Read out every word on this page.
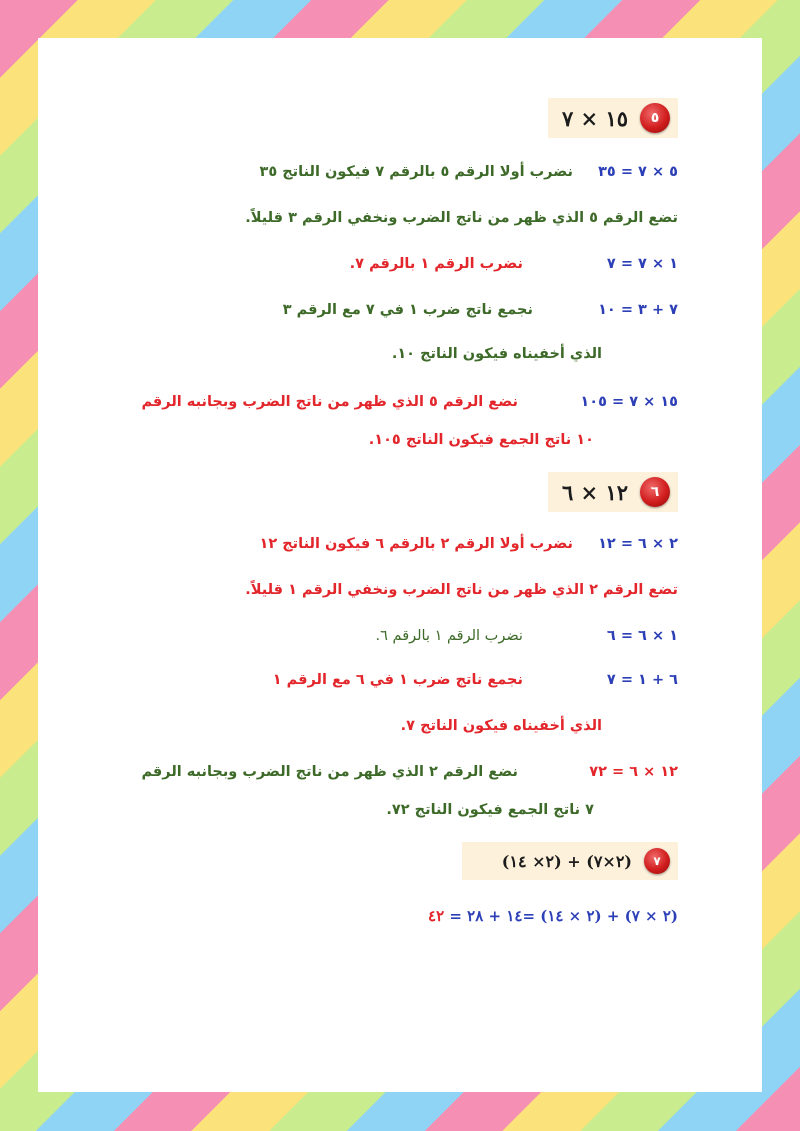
٥
١٥ × ٧
٥ × ٧ = ٣٥ نضرب أولا الرقم ٥ بالرقم ٧ فيكون الناتج ٣٥
تضع الرقم ٥ الذي ظهر من ناتج الضرب ونخفي الرقم ٣ قليلاً.
١ × ٧ = ٧ نضرب الرقم ١ بالرقم ٧.
٧ + ٣ = ١٠ نجمع ناتج ضرب ١ في ٧ مع الرقم ٣
الذي أخفيناه فيكون الناتج ١٠.
١٥ × ٧ = ١٠٥ نضع الرقم ٥ الذي ظهر من ناتج الضرب وبجانبه الرقم
١٠ ناتج الجمع فيكون الناتج ١٠٥.
٦
١٢ × ٦
٢ × ٦ = ١٢ نضرب أولا الرقم ٢ بالرقم ٦ فيكون الناتج ١٢
تضع الرقم ٢ الذي ظهر من ناتج الضرب ونخفي الرقم ١ قليلاً.
١ × ٦ = ٦ نضرب الرقم ١ بالرقم ٦.
٦ + ١ = ٧ نجمع ناتج ضرب ١ في ٦ مع الرقم ١
الذي أخفيناه فيكون الناتج ٧.
١٢ × ٦ = ٧٢ نضع الرقم ٢ الذي ظهر من ناتج الضرب وبجانبه الرقم
٧ ناتج الجمع فيكون الناتج ٧٢.
٧
(٢×٧) + (٢× ١٤)
(٢ × ٧) + (٢ × ١٤) =١٤ + ٢٨ = ٤٢
